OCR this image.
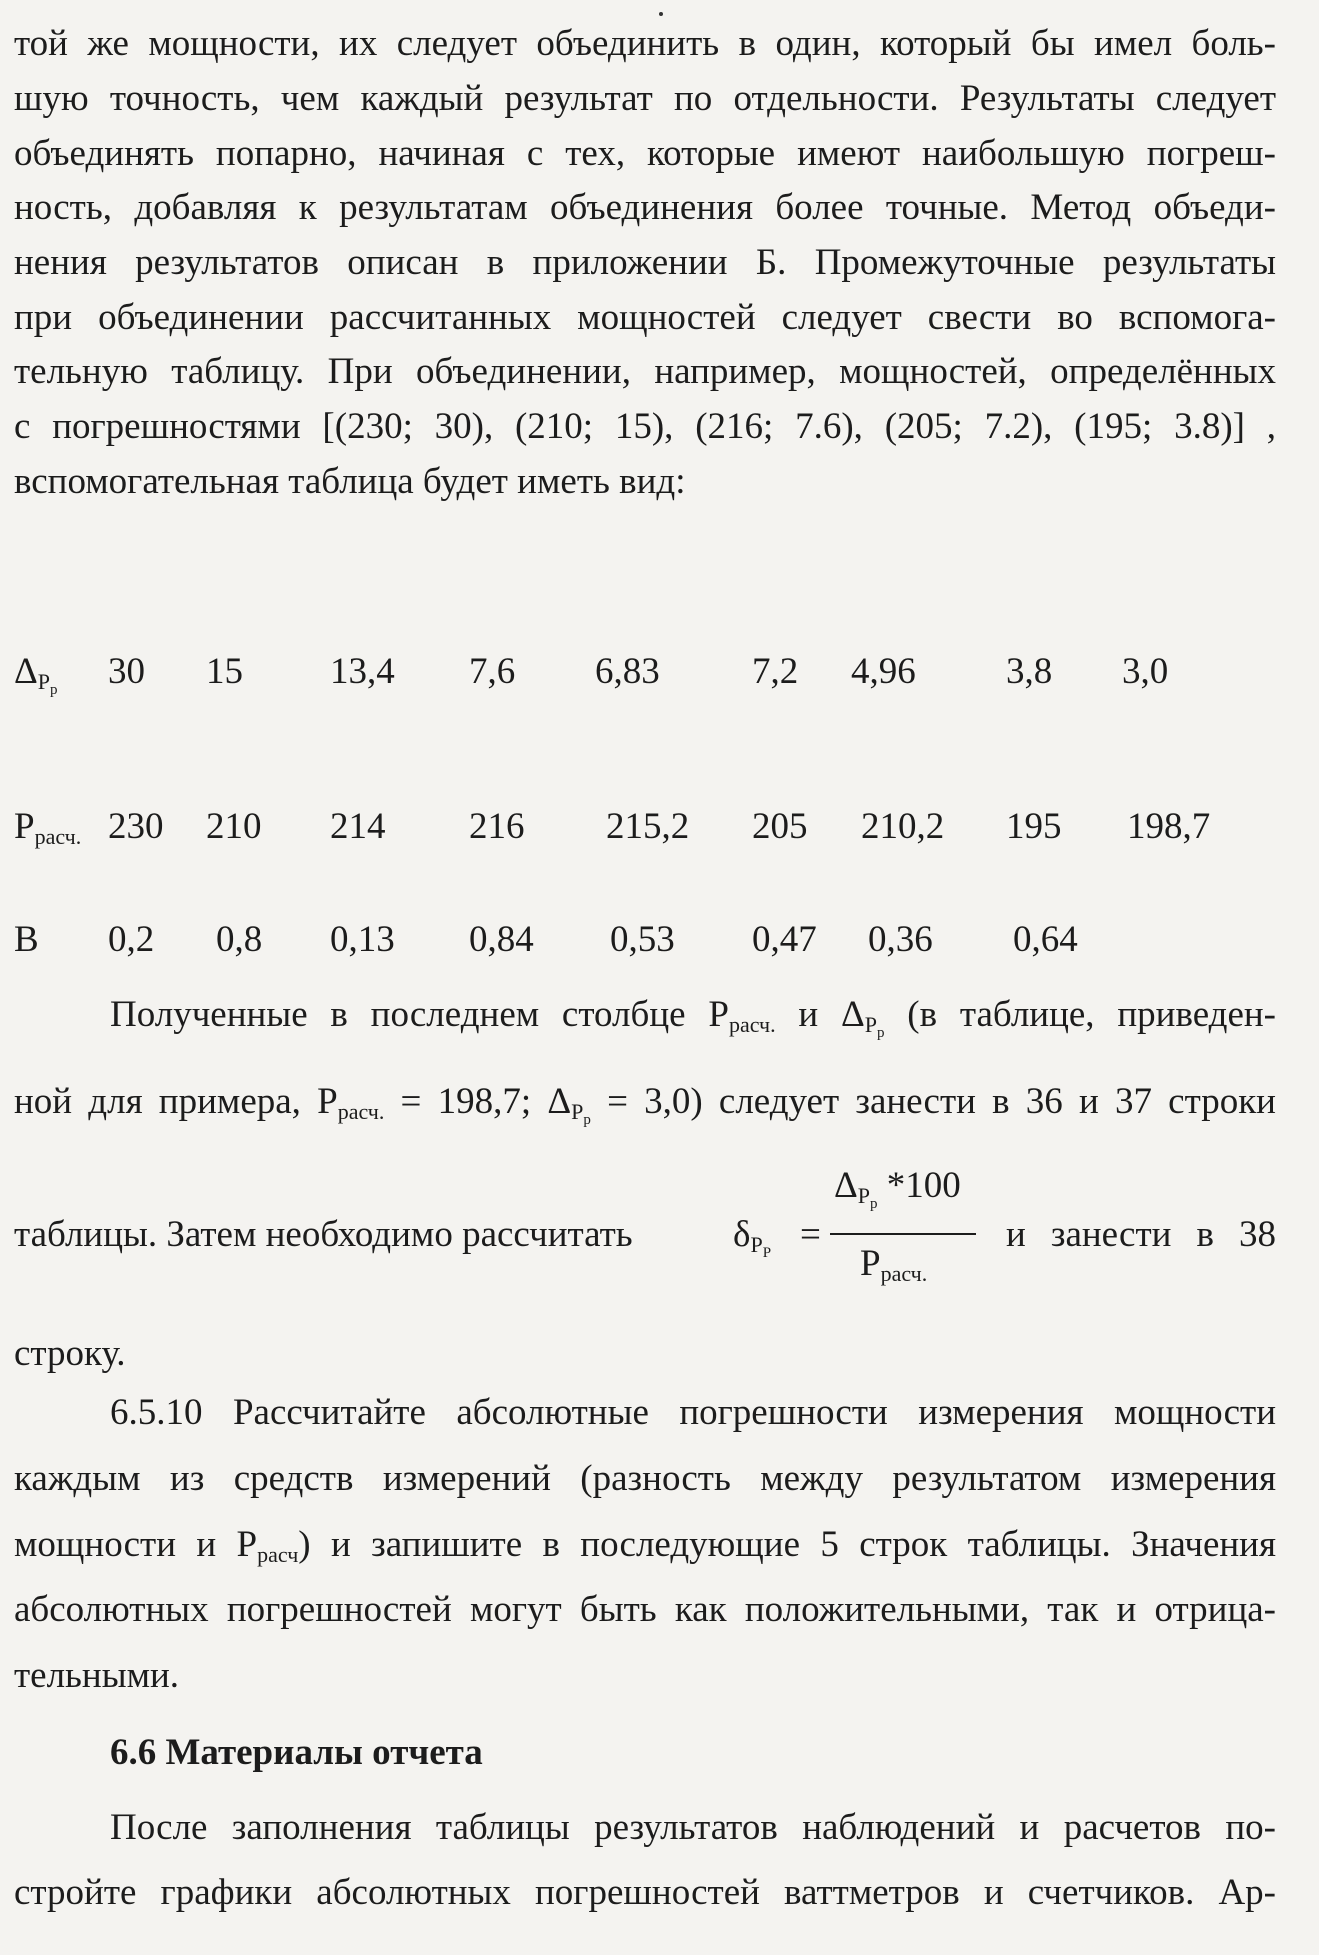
той же мощности, их следует объединить в один, который бы имел боль-
шую точность, чем каждый результат по отдельности. Результаты следует
объединять попарно, начиная с тех, которые имеют наибольшую погреш-
ность, добавляя к результатам объединения более точные. Метод объеди-
нения результатов описан в приложении Б. Промежуточные результаты
при объединении рассчитанных мощностей следует свести во вспомога-
тельную таблицу. При объединении, например, мощностей, определённых
с погрешностями [(230; 30), (210; 15), (216; 7.6), (205; 7.2), (195; 3.8)] ,
вспомогательная таблица будет иметь вид:
$\Delta_{P_p}$ 30 15 13,4 7,6 6,83 7,2 4,96 3,8 3,0
$P_{расч.}$ 230 210 214 216 215,2 205 210,2 195 198,7
B 0,2 0,8 0,13 0,84 0,53 0,47 0,36 0,64
Полученные в последнем столбце $P_{расч.}$ и $\Delta_{P_p}$ (в таблице, приведен-
ной для примера, $P_{расч.} = 198,7$; $\Delta_{P_p} = 3,0$) следует занести в 36 и 37 строки
таблицы. Затем необходимо рассчитать	$\delta_{P_P}$ =
$\Delta_{P_p}$ *100
$P_{расч.}$
и занести в 38
строку.
6.5.10 Рассчитайте абсолютные погрешности измерения мощности
каждым из средств измерений (разность между результатом измерения
мощности и $P_{расч}$) и запишите в последующие 5 строк таблицы. Значения
абсолютных погрешностей могут быть как положительными, так и отрица-
тельными.
6.6 Материалы отчета
После заполнения таблицы результатов наблюдений и расчетов по-
стройте графики абсолютных погрешностей ваттметров и счетчиков. Ар-
